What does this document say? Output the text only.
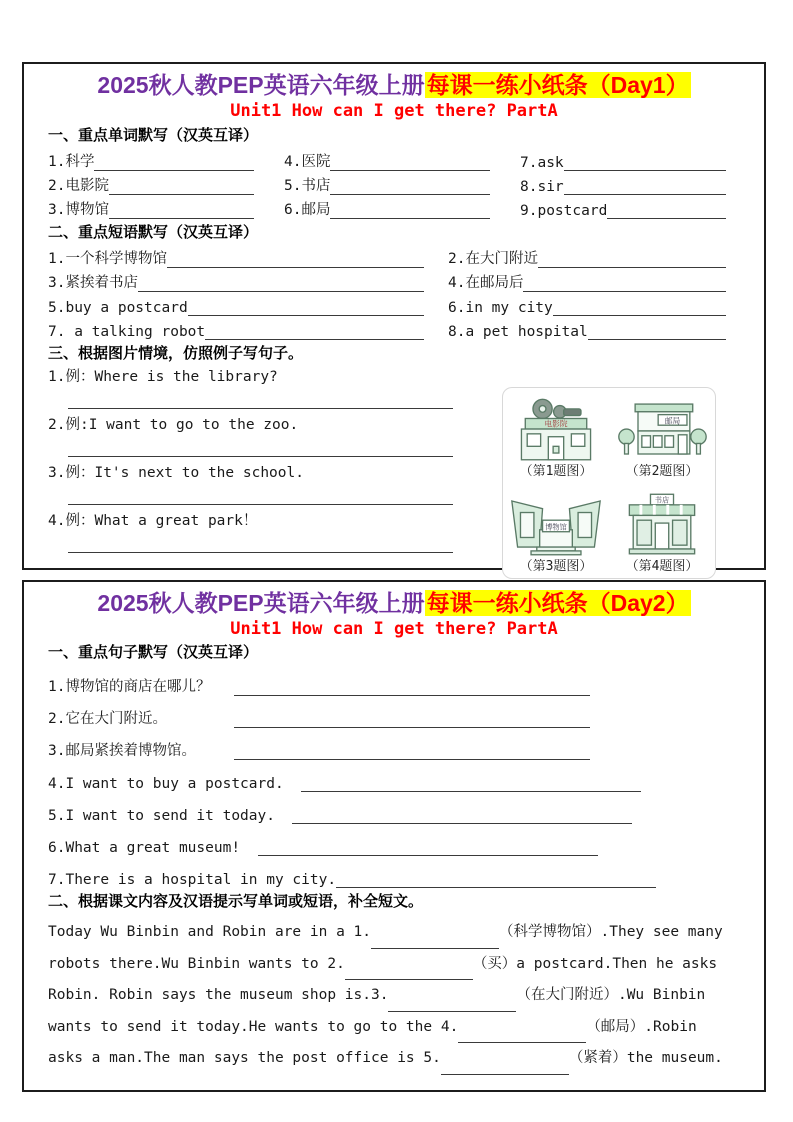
2025秋人教PEP英语六年级上册每课一练小纸条（Day1）
Unit1 How can I get there? PartA
一、重点单词默写（汉英互译）
1.科学	4.医院	7.ask
2.电影院	5.书店	8.sir
3.博物馆	6.邮局	9.postcard
二、重点短语默写（汉英互译）
1.一个科学博物馆	2.在大门附近
3.紧挨着书店	4.在邮局后
5.buy a postcard	6.in my city
7. a talking robot	8.a pet hospital
三、根据图片情境，仿照例子写句子。
1.例：Where is the library?
2.例:I want to go to the zoo.
3.例：It's next to the school.
4.例：What a great park！
电影院
（第1题图）
邮局
（第2题图）
博物馆
（第3题图）
书店
（第4题图）
2025秋人教PEP英语六年级上册每课一练小纸条（Day2）
Unit1 How can I get there? PartA
一、重点句子默写（汉英互译）
1.博物馆的商店在哪儿？
2.它在大门附近。
3.邮局紧挨着博物馆。
4.I want to buy a postcard.

5.I want to send it today.

6.What a great museum!

7.There is a hospital in my city.
二、根据课文内容及汉语提示写单词或短语，补全短文。
Today Wu Binbin and Robin are in a 1.	（科学博物馆）.They see many robots there.Wu Binbin wants to 2.	（买）a postcard.Then he asks Robin. Robin says the museum shop is.3.	（在大门附近）.Wu Binbin wants to send it today.He wants to go to the 4.	（邮局）.Robin asks a man.The man says the post office is 5.	（紧着）the museum.
